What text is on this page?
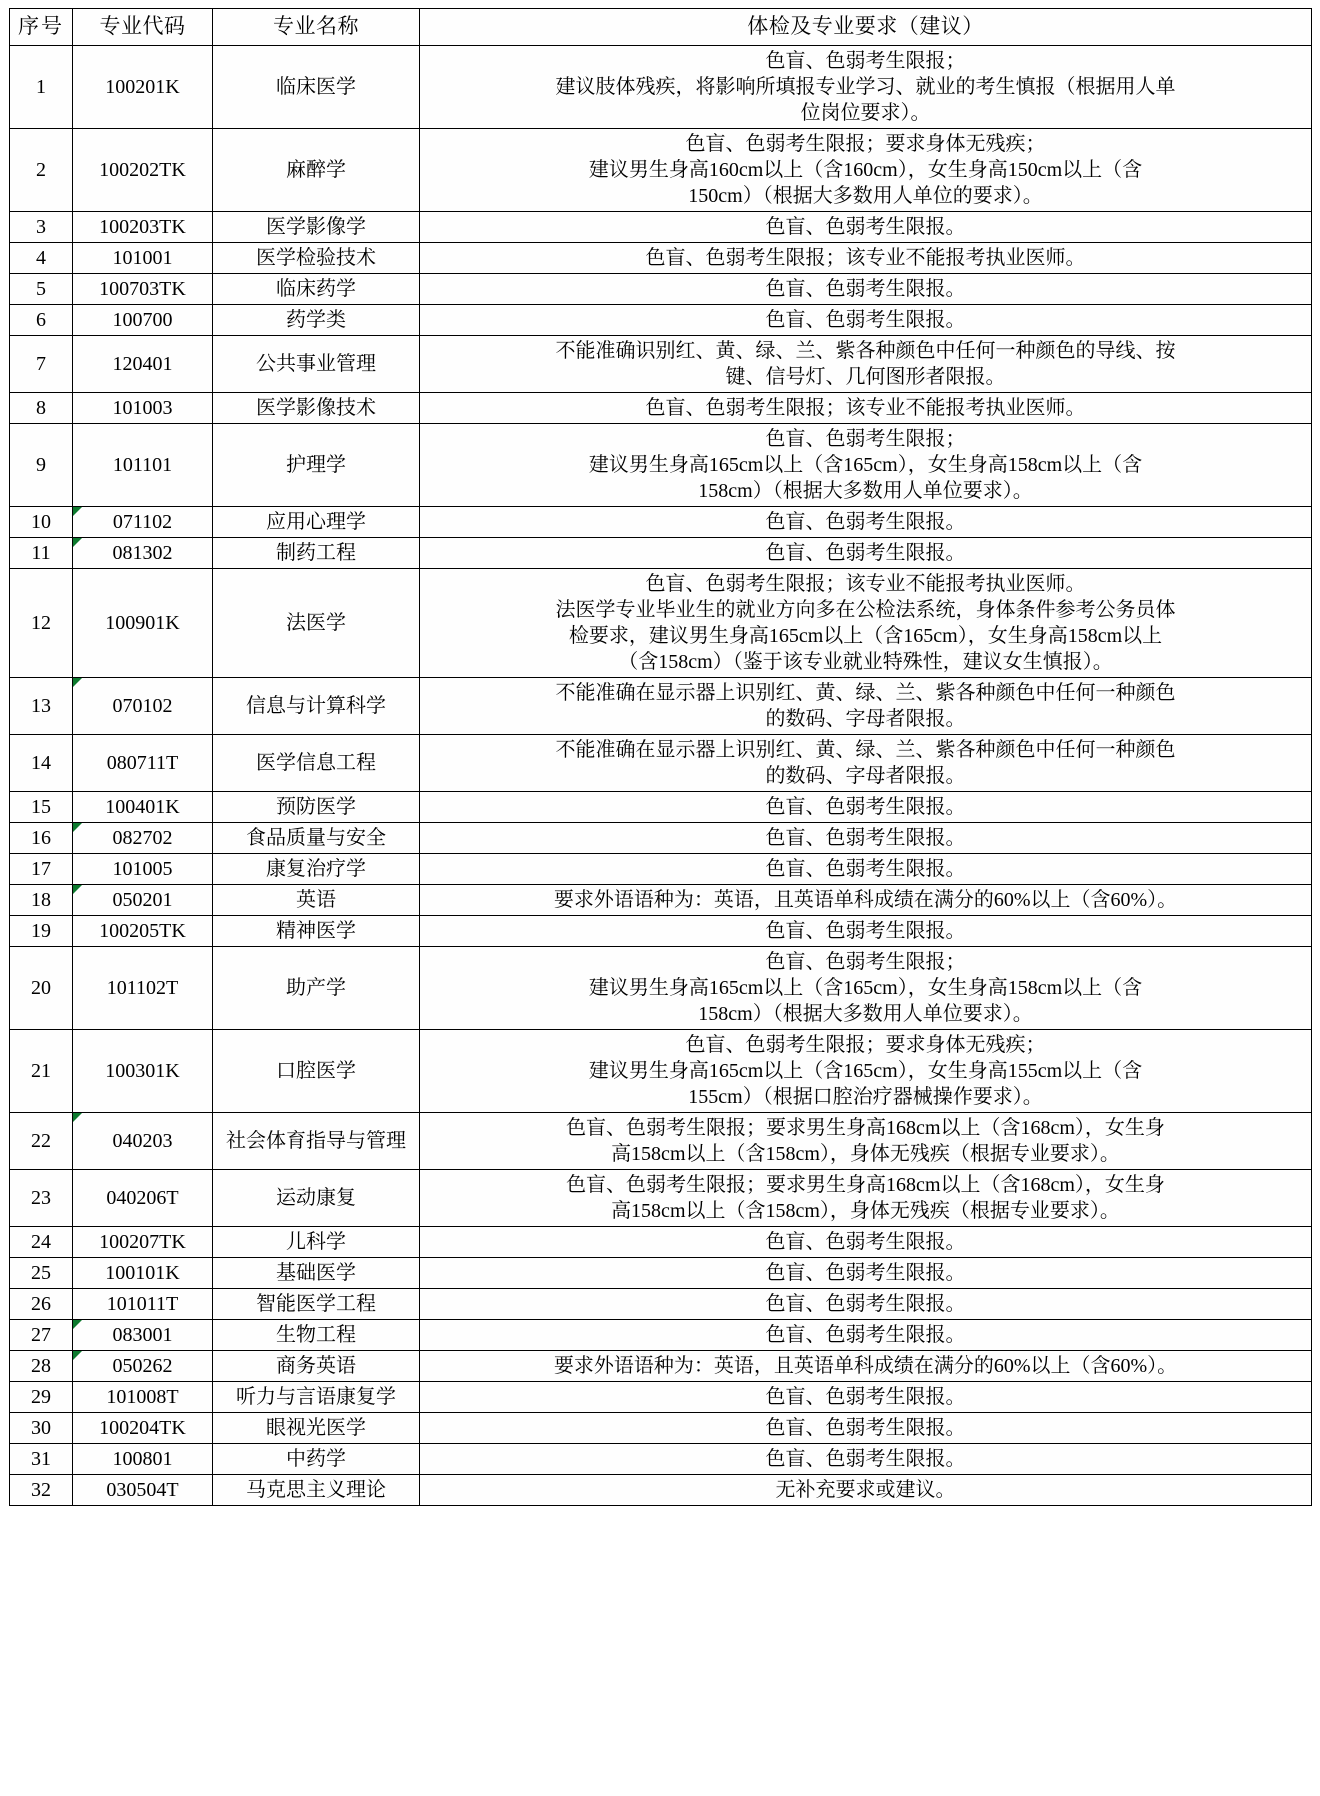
序号	专业代码	专业名称	体检及专业要求（建议）
1	100201K	临床医学	色盲、色弱考生限报；
建议肢体残疾，将影响所填报专业学习、就业的考生慎报（根据用人单
位岗位要求）。

2	100202TK	麻醉学	色盲、色弱考生限报；要求身体无残疾；
建议男生身高160cm以上（含160cm），女生身高150cm以上（含
150cm）（根据大多数用人单位的要求）。

3	100203TK	医学影像学	色盲、色弱考生限报。

4	101001	医学检验技术	色盲、色弱考生限报；该专业不能报考执业医师。

5	100703TK	临床药学	色盲、色弱考生限报。

6	100700	药学类	色盲、色弱考生限报。

7	120401	公共事业管理	不能准确识别红、黄、绿、兰、紫各种颜色中任何一种颜色的导线、按
键、信号灯、几何图形者限报。

8	101003	医学影像技术	色盲、色弱考生限报；该专业不能报考执业医师。

9	101101	护理学	色盲、色弱考生限报；
建议男生身高165cm以上（含165cm），女生身高158cm以上（含
158cm）（根据大多数用人单位要求）。

10	071102	应用心理学	色盲、色弱考生限报。

11	081302	制药工程	色盲、色弱考生限报。

12	100901K	法医学	色盲、色弱考生限报；该专业不能报考执业医师。
法医学专业毕业生的就业方向多在公检法系统，身体条件参考公务员体
检要求，建议男生身高165cm以上（含165cm），女生身高158cm以上
（含158cm）（鉴于该专业就业特殊性，建议女生慎报）。

13	070102	信息与计算科学	不能准确在显示器上识别红、黄、绿、兰、紫各种颜色中任何一种颜色
的数码、字母者限报。

14	080711T	医学信息工程	不能准确在显示器上识别红、黄、绿、兰、紫各种颜色中任何一种颜色
的数码、字母者限报。

15	100401K	预防医学	色盲、色弱考生限报。

16	082702	食品质量与安全	色盲、色弱考生限报。

17	101005	康复治疗学	色盲、色弱考生限报。

18	050201	英语	要求外语语种为：英语，且英语单科成绩在满分的60%以上（含60%）。

19	100205TK	精神医学	色盲、色弱考生限报。

20	101102T	助产学	色盲、色弱考生限报；
建议男生身高165cm以上（含165cm），女生身高158cm以上（含
158cm）（根据大多数用人单位要求）。

21	100301K	口腔医学	色盲、色弱考生限报；要求身体无残疾；
建议男生身高165cm以上（含165cm），女生身高155cm以上（含
155cm）（根据口腔治疗器械操作要求）。

22	040203	社会体育指导与管理	色盲、色弱考生限报；要求男生身高168cm以上（含168cm），女生身
高158cm以上（含158cm），身体无残疾（根据专业要求）。

23	040206T	运动康复	色盲、色弱考生限报；要求男生身高168cm以上（含168cm），女生身
高158cm以上（含158cm），身体无残疾（根据专业要求）。

24	100207TK	儿科学	色盲、色弱考生限报。

25	100101K	基础医学	色盲、色弱考生限报。

26	101011T	智能医学工程	色盲、色弱考生限报。

27	083001	生物工程	色盲、色弱考生限报。

28	050262	商务英语	要求外语语种为：英语，且英语单科成绩在满分的60%以上（含60%）。

29	101008T	听力与言语康复学	色盲、色弱考生限报。

30	100204TK	眼视光医学	色盲、色弱考生限报。

31	100801	中药学	色盲、色弱考生限报。

32	030504T	马克思主义理论	无补充要求或建议。
